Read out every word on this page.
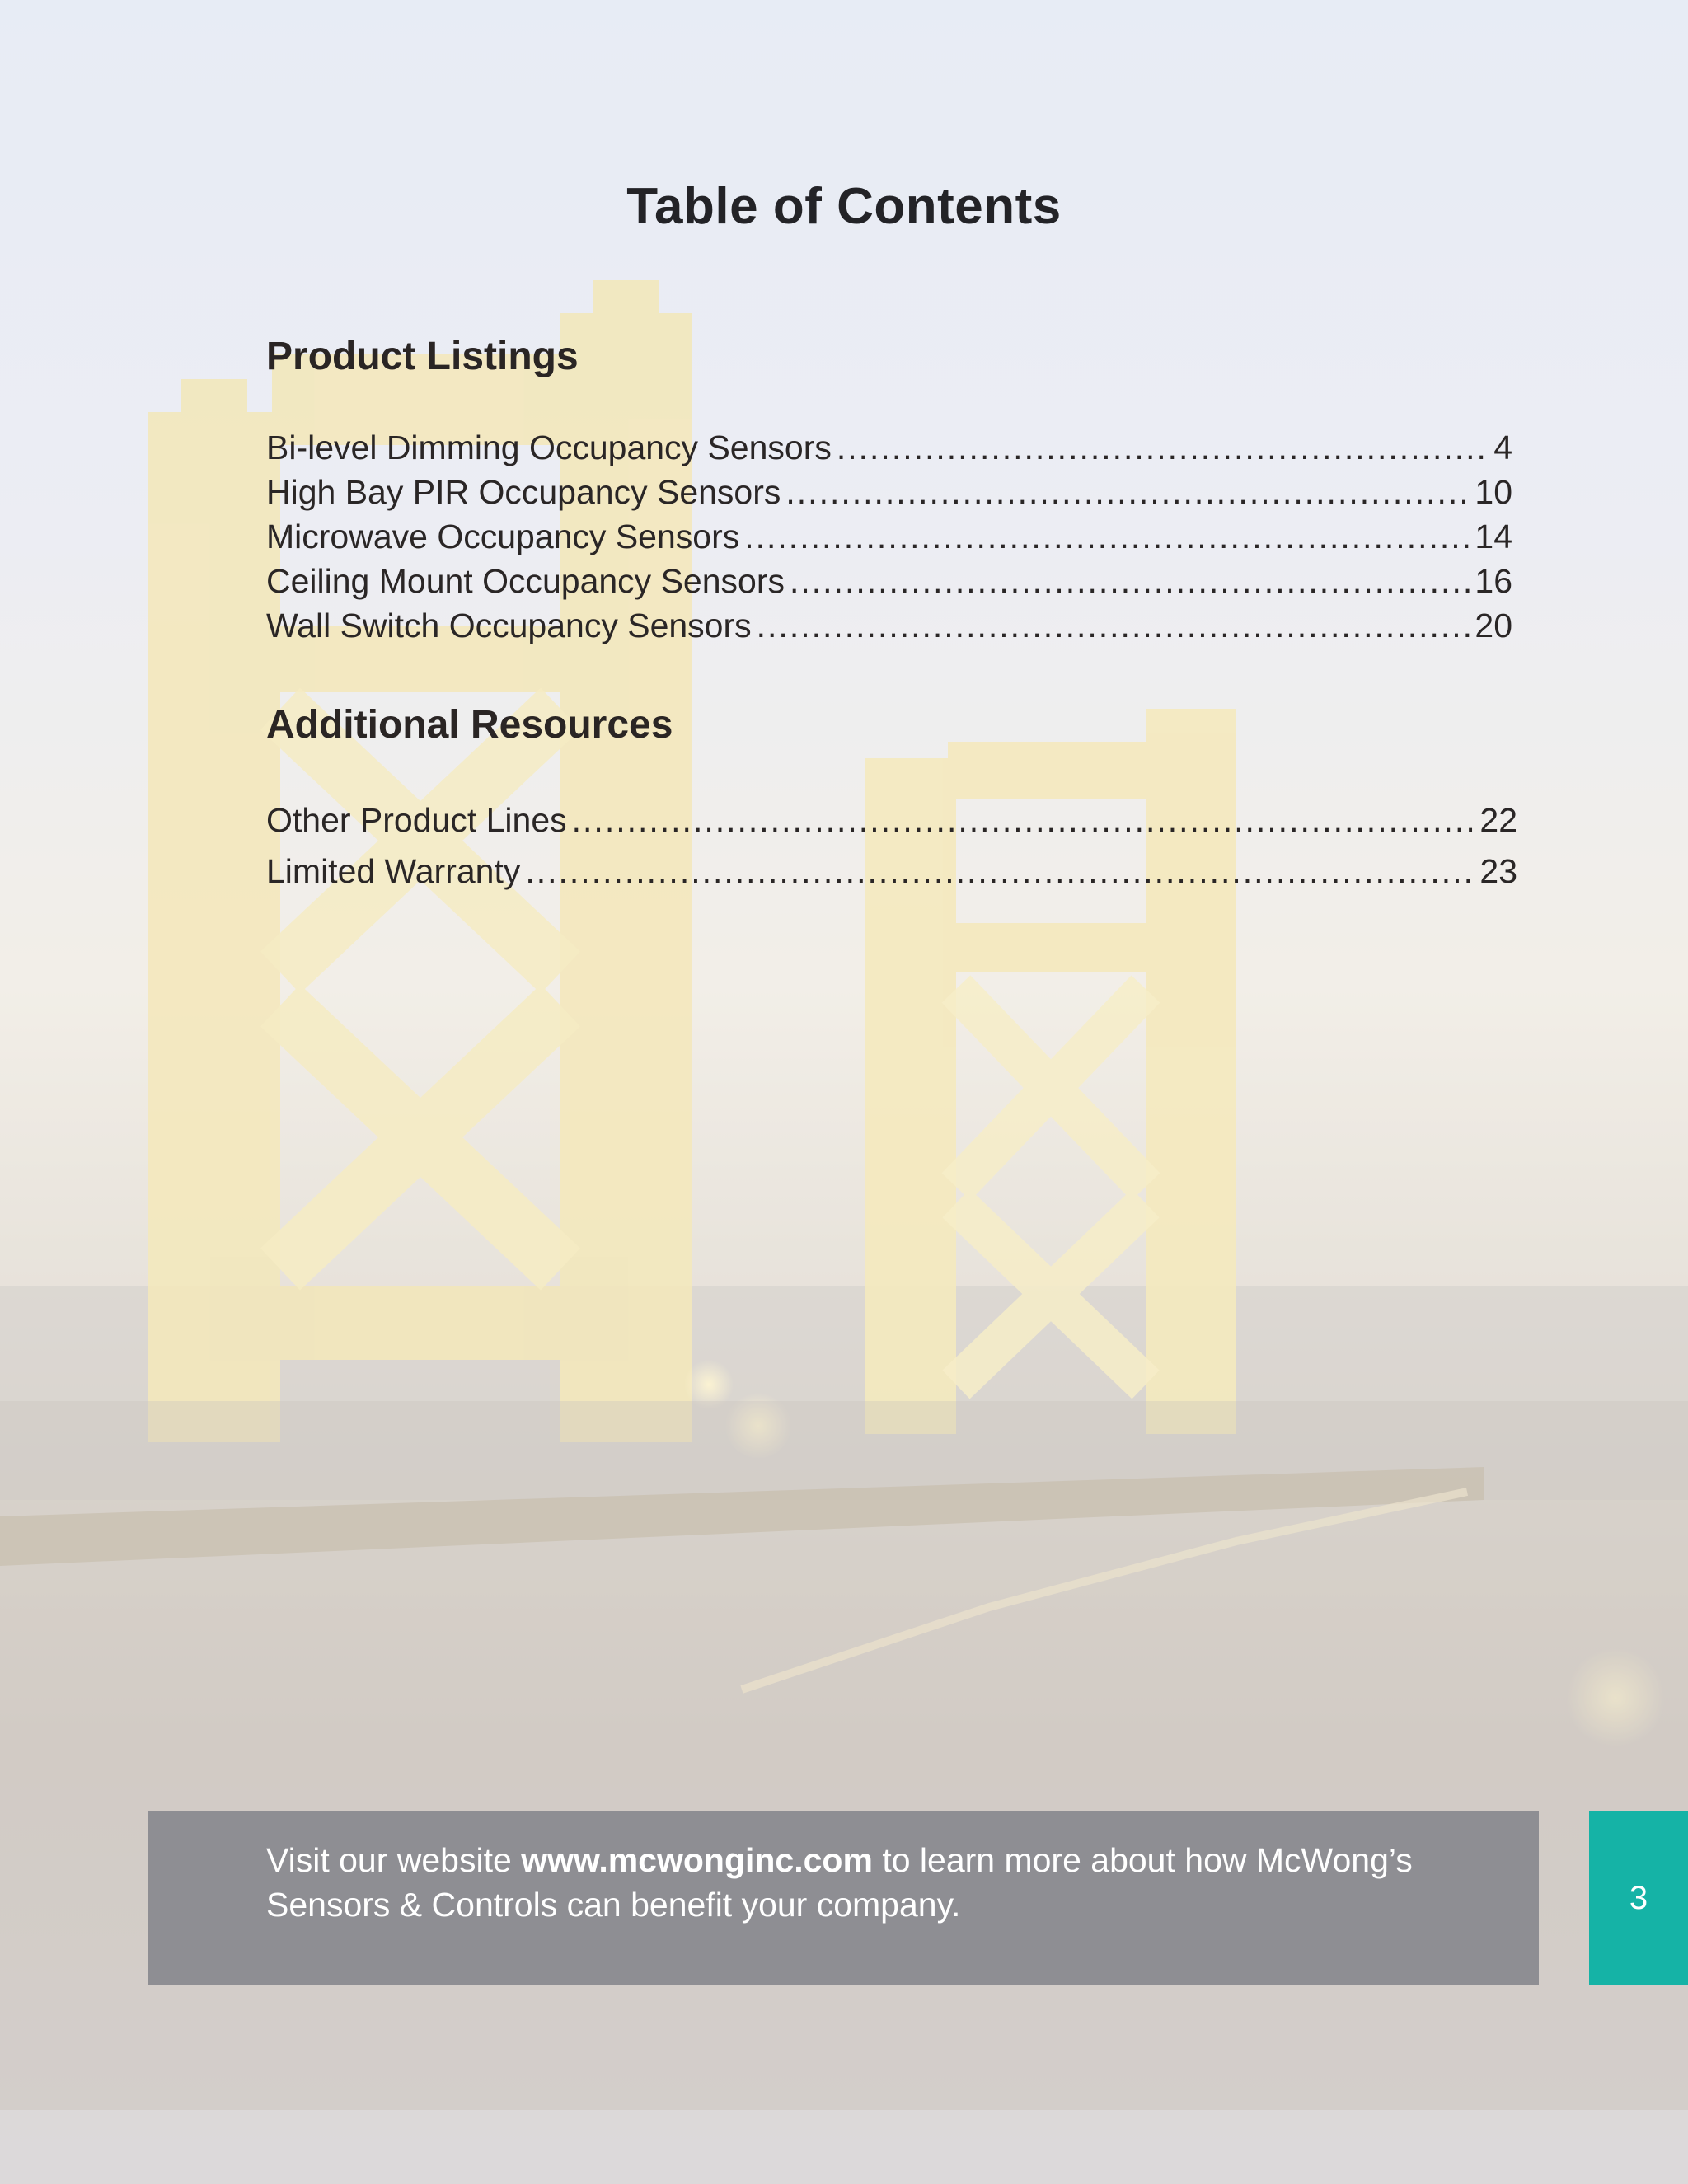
Table of Contents
Product Listings
Bi-level Dimming Occupancy Sensors .....	4
High Bay PIR Occupancy Sensors .....	10
Microwave Occupancy Sensors .....	14
Ceiling Mount Occupancy Sensors .....	16
Wall Switch Occupancy Sensors .....	20
Additional Resources
Other Product Lines .....	22
Limited Warranty .....	23
Visit our website www.mcwonginc.com to learn more about how McWong’s Sensors & Controls can benefit your company.	3
